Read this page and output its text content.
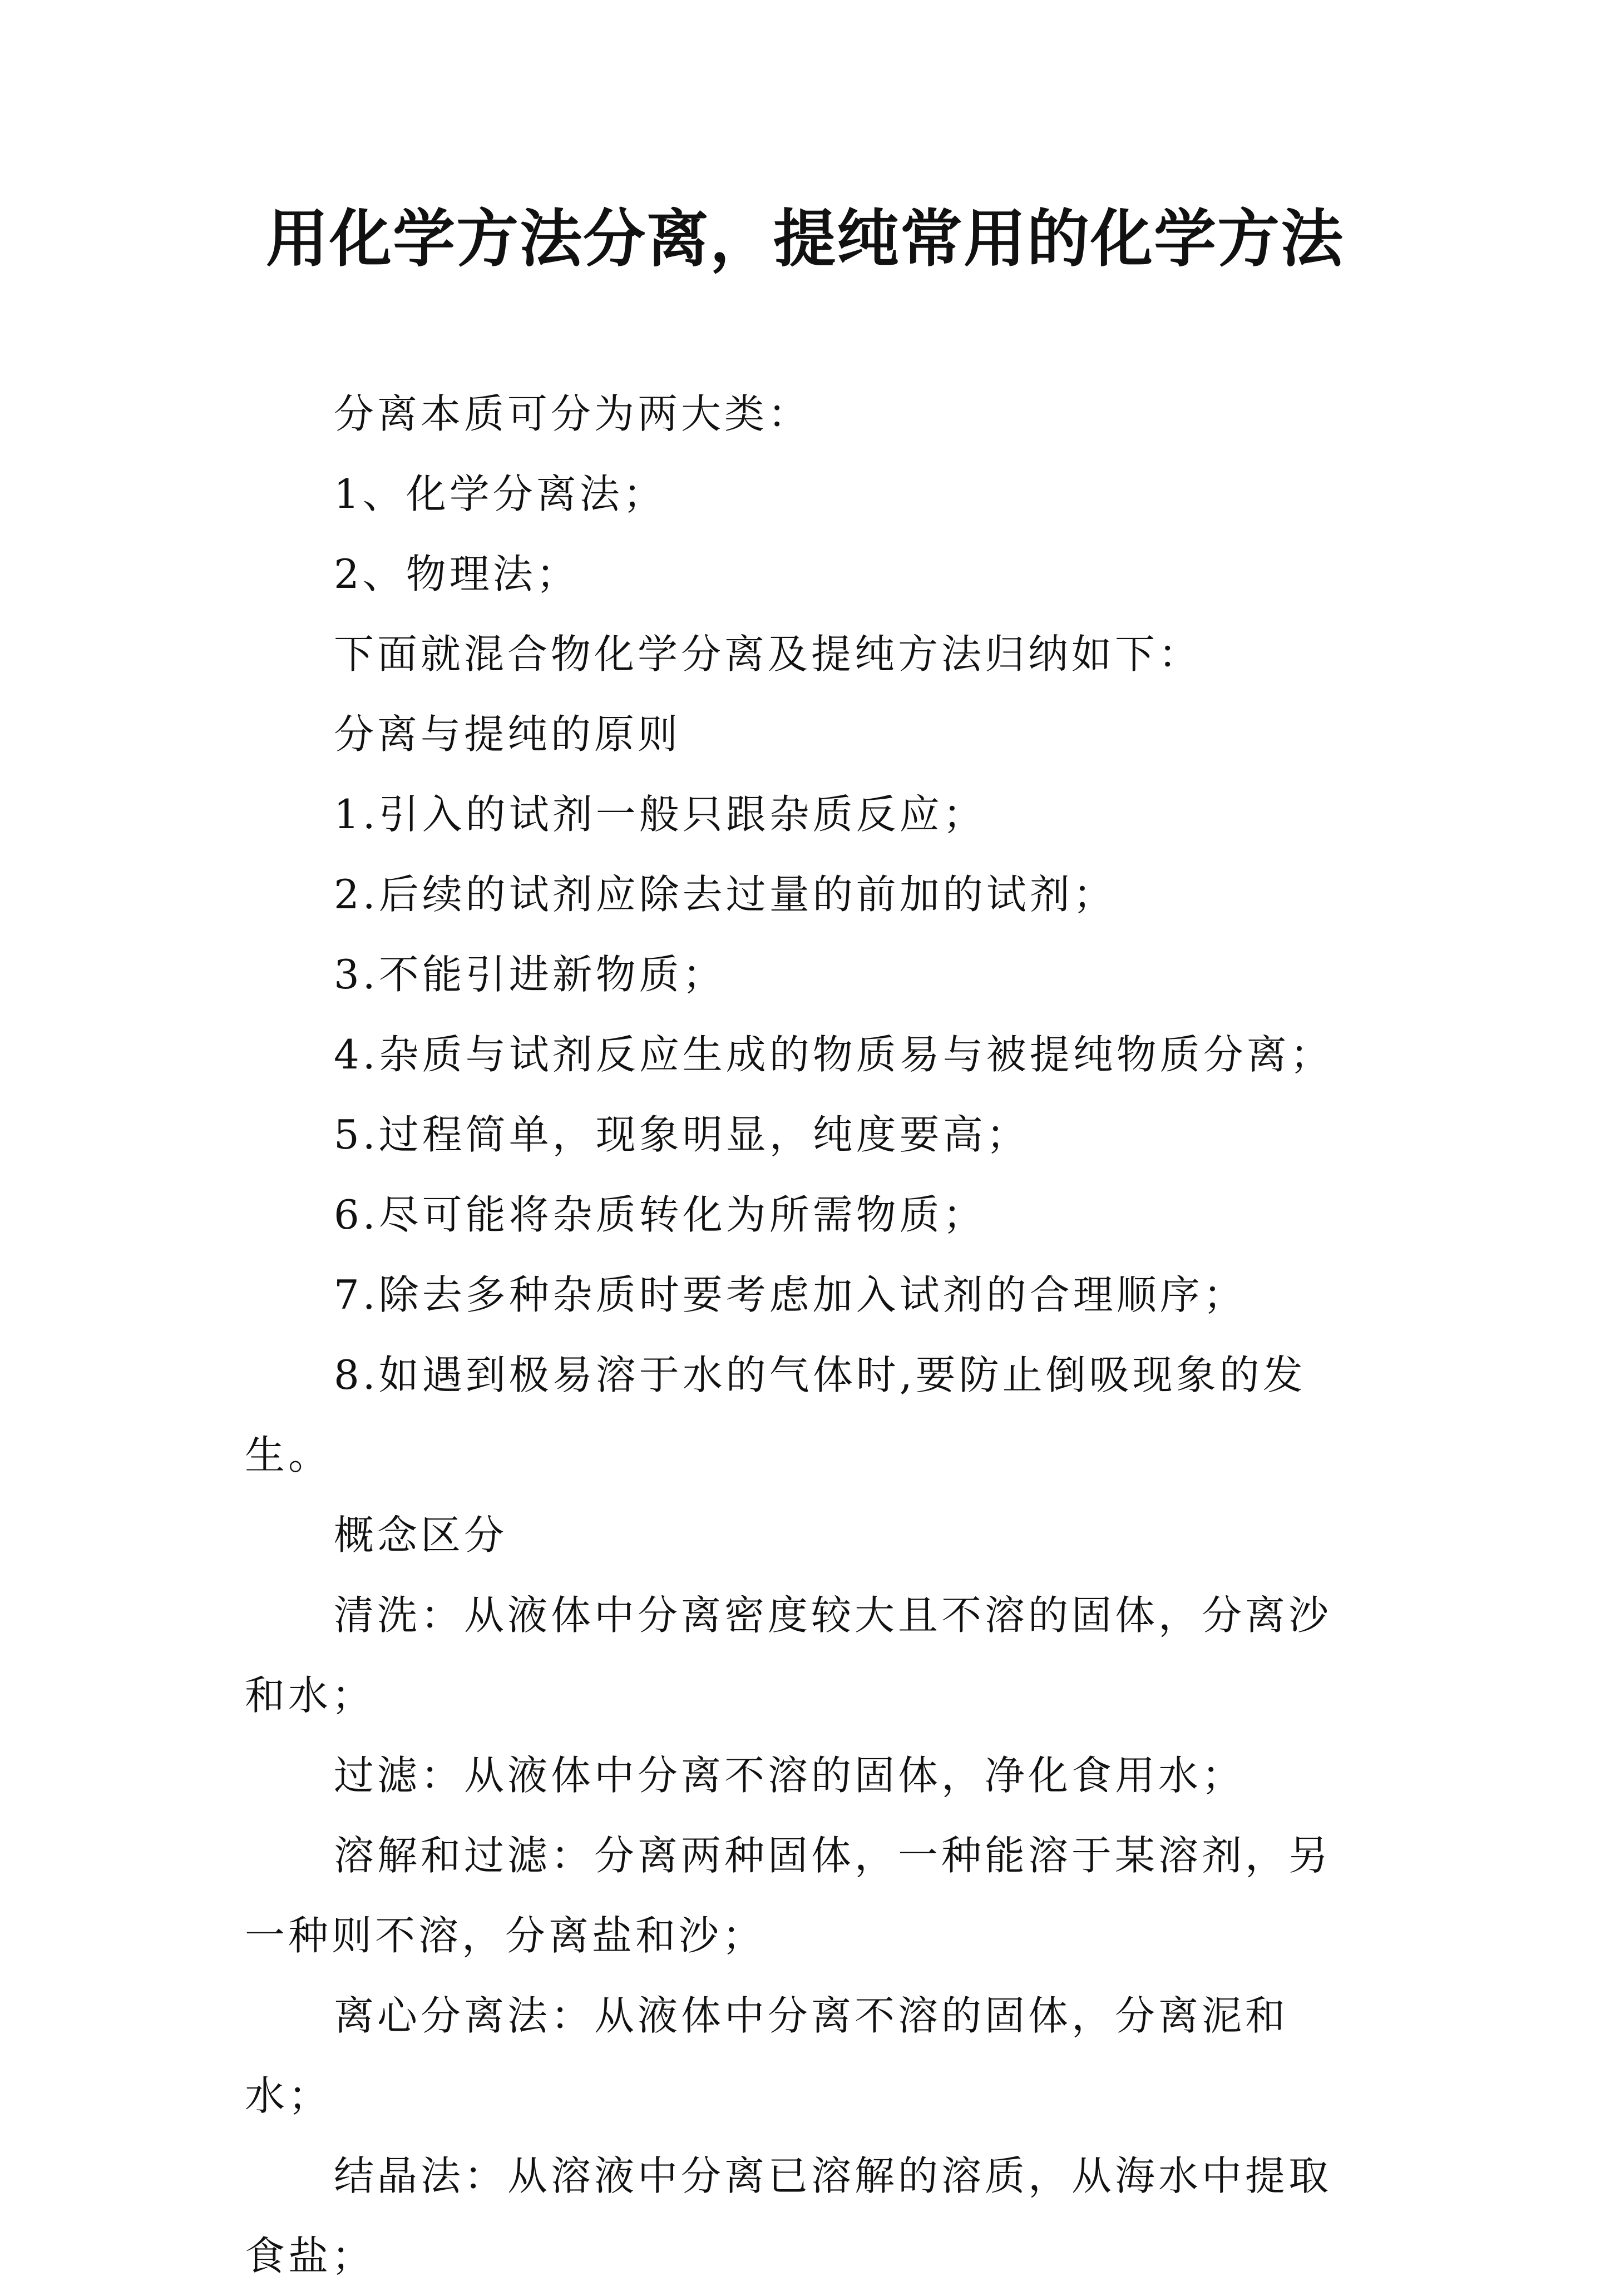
用化学方法分离，提纯常用的化学方法

分离本质可分为两大类：

1、化学分离法；

2、物理法；

下面就混合物化学分离及提纯方法归纳如下：

分离与提纯的原则

1.引入的试剂一般只跟杂质反应；

2.后续的试剂应除去过量的前加的试剂；

3.不能引进新物质；

4.杂质与试剂反应生成的物质易与被提纯物质分离；

5.过程简单，现象明显，纯度要高；

6.尽可能将杂质转化为所需物质；

7.除去多种杂质时要考虑加入试剂的合理顺序；

8.如遇到极易溶于水的气体时,要防止倒吸现象的发生。

概念区分

清洗：从液体中分离密度较大且不溶的固体，分离沙和水；

过滤：从液体中分离不溶的固体，净化食用水；

溶解和过滤：分离两种固体，一种能溶于某溶剂，另一种则不溶，分离盐和沙；

离心分离法：从液体中分离不溶的固体，分离泥和水；

结晶法：从溶液中分离已溶解的溶质，从海水中提取食盐；
